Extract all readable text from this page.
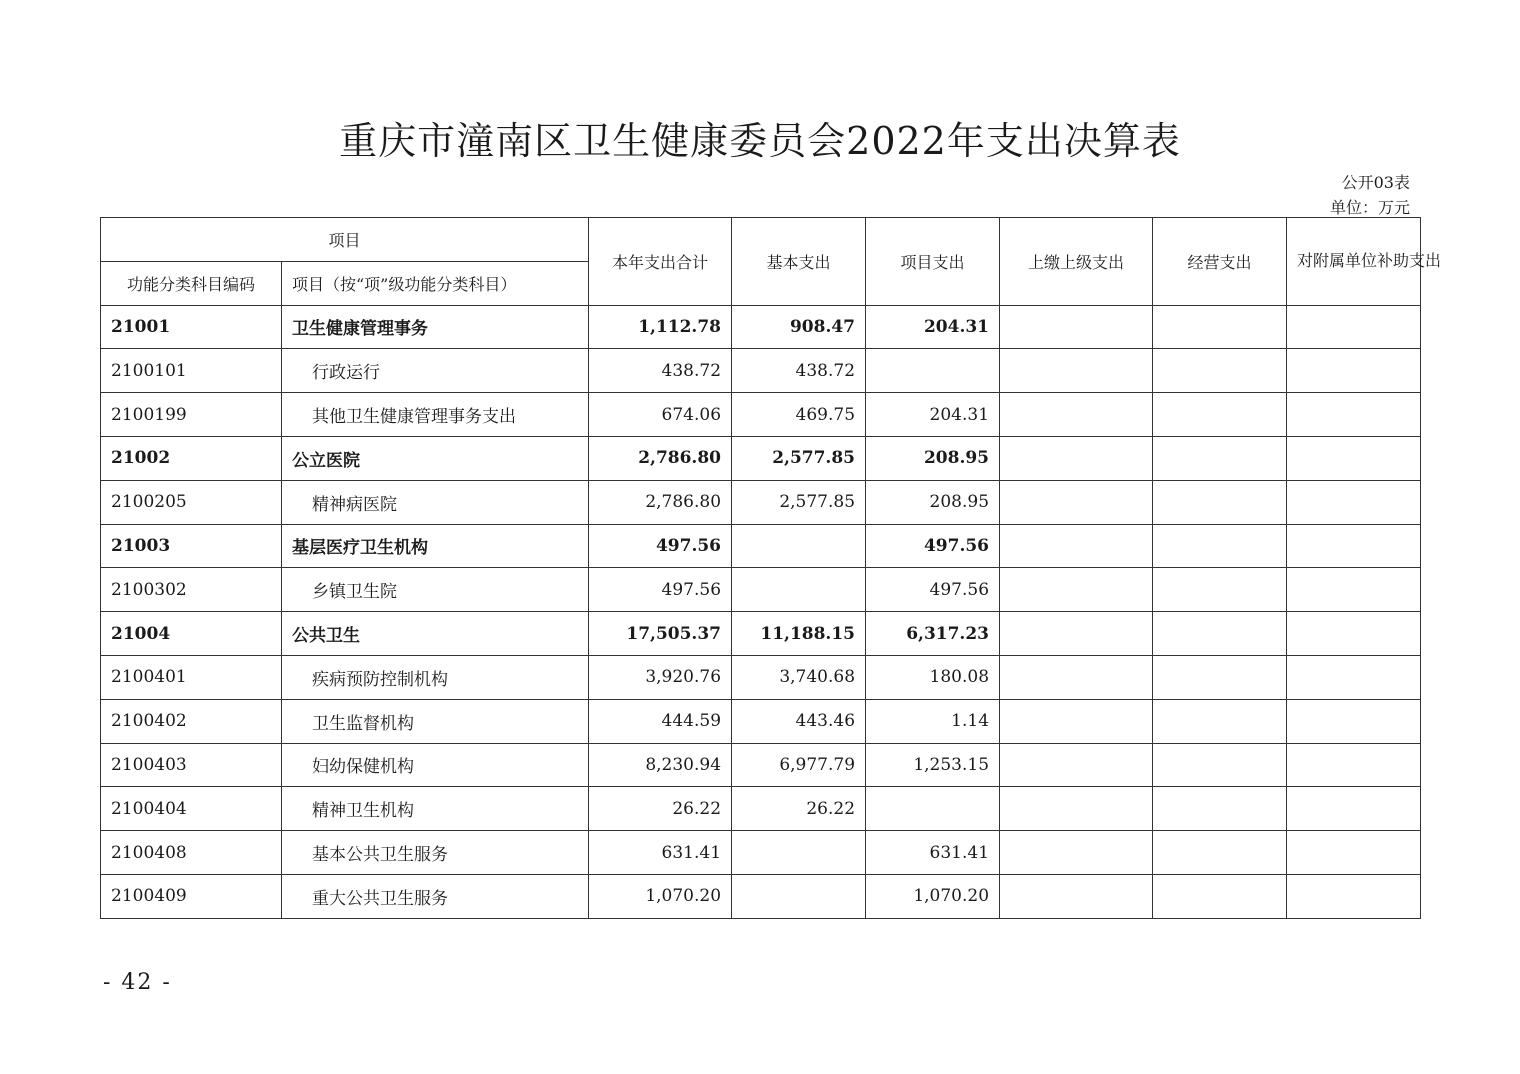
重庆市潼南区卫生健康委员会2022年支出决算表
公开03表
单位：万元
项目		本年支出合计	基本支出	项目支出	上缴上级支出	经营支出	对附属单位补助支出
功能分类科目编码	项目（按“项”级功能分类科目）						
21001	卫生健康管理事务	1,112.78	908.47	204.31			
2100101	行政运行	438.72	438.72				
2100199	其他卫生健康管理事务支出	674.06	469.75	204.31			
21002	公立医院	2,786.80	2,577.85	208.95			
2100205	精神病医院	2,786.80	2,577.85	208.95			
21003	基层医疗卫生机构	497.56		497.56			
2100302	乡镇卫生院	497.56		497.56			
21004	公共卫生	17,505.37	11,188.15	6,317.23			
2100401	疾病预防控制机构	3,920.76	3,740.68	180.08			
2100402	卫生监督机构	444.59	443.46	1.14			
2100403	妇幼保健机构	8,230.94	6,977.79	1,253.15			
2100404	精神卫生机构	26.22	26.22				
2100408	基本公共卫生服务	631.41		631.41			
2100409	重大公共卫生服务	1,070.20		1,070.20			
- 42 -
